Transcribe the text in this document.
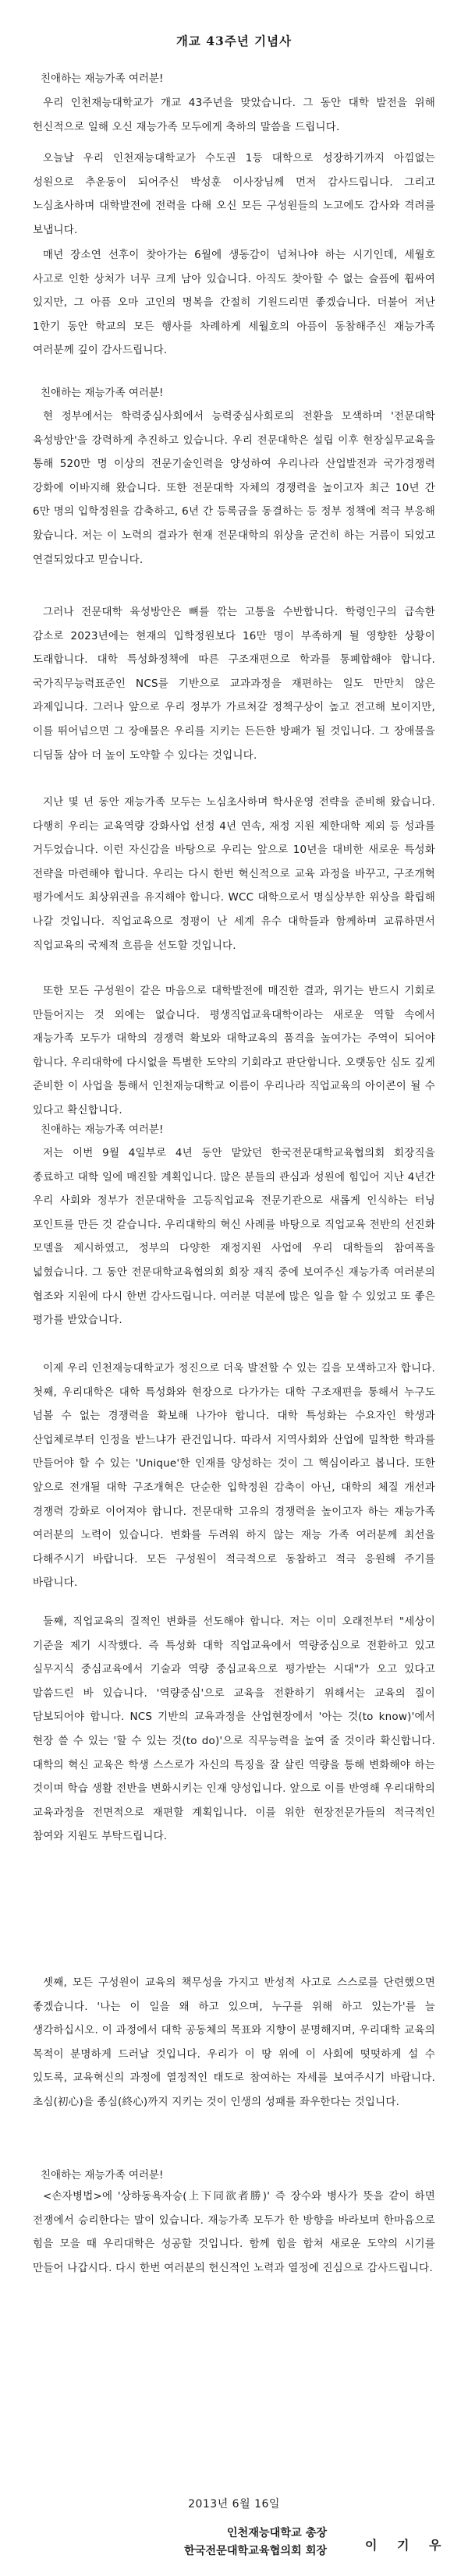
개교 43주년 기념사

친애하는 재능가족 여러분!

우리 인천재능대학교가 개교 43주년을 맞았습니다. 그 동안 대학 발전을 위해 헌신적으로 일해 오신 재능가족 모두에게 축하의 말씀을 드립니다.

오늘날 우리 인천재능대학교가 수도권 1등 대학으로 성장하기까지 아낌없는 성원으로 추운동이 되어주신 박성훈 이사장님께 먼저 감사드립니다. 그리고 노심초사하며 대학발전에 전력을 다해 오신 모든 구성원들의 노고에도 감사와 격려를 보냅니다.

매년 장소연 선후이 찾아가는 6월에 생동감이 넘쳐나야 하는 시기인데, 세월호 사고로 인한 상처가 너무 크게 남아 있습니다. 아직도 찾아할 수 없는 슬픔에 휩싸여 있지만, 그 아픔 오마 고인의 명복을 간절히 기원드리면 좋겠습니다. 더불어 저난 1한기 동안 학교의 모든 행사를 차례하게 세월호의 아픔이 동참해주신 재능가족 여러분께 깊이 감사드립니다.

친애하는 재능가족 여러분!

현 정부에서는 학력중심사회에서 능력중심사회로의 전환을 모색하며 '전문대학 육성방안'을 강력하게 추진하고 있습니다. 우리 전문대학은 설립 이후 현장실무교육을 통해 520만 명 이상의 전문기술인력을 양성하여 우리나라 산업발전과 국가경쟁력 강화에 이바지해 왔습니다. 또한 전문대학 자체의 경쟁력을 높이고자 최근 10년 간 6만 명의 입학정원을 감축하고, 6년 간 등록금을 동결하는 등 정부 정책에 적극 부응해 왔습니다. 저는 이 노력의 결과가 현재 전문대학의 위상을 굳건히 하는 거름이 되었고 연결되었다고 믿습니다.

그러나 전문대학 육성방안은 뼈를 깎는 고통을 수반합니다. 학령인구의 급속한 감소로 2023년에는 현재의 입학정원보다 16만 명이 부족하게 될 영향한 상황이 도래합니다. 대학 특성화정책에 따른 구조재편으로 학과를 통폐합해야 합니다. 국가직무능력표준인 NCS를 기반으로 교과과정을 재편하는 일도 만만치 않은 과제입니다. 그러나 앞으로 우리 정부가 가르쳐갈 정책구상이 높고 전고해 보이지만, 이를 뛰어넘으면 그 장애물은 우리를 지키는 든든한 방패가 될 것입니다. 그 장애물을 디딤돌 삼아 더 높이 도약할 수 있다는 것입니다.

지난 몇 년 동안 재능가족 모두는 노심초사하며 학사운영 전략을 준비해 왔습니다. 다행히 우리는 교육역량 강화사업 선정 4년 연속, 재정 지원 제한대학 제외 등 성과를 거두었습니다. 이런 자신감을 바탕으로 우리는 앞으로 10년을 대비한 새로운 특성화 전략을 마련해야 합니다. 우리는 다시 한번 혁신적으로 교육 과정을 바꾸고, 구조개혁 평가에서도 최상위권을 유지해야 합니다. WCC 대학으로서 명실상부한 위상을 확립해 나갈 것입니다. 직업교육으로 정평이 난 세계 유수 대학들과 함께하며 교류하면서 직업교육의 국제적 흐름을 선도할 것입니다.

또한 모든 구성원이 같은 마음으로 대학발전에 매진한 결과, 위기는 반드시 기회로 만들어지는 것 외에는 없습니다. 평생직업교육대학이라는 새로운 역할 속에서 재능가족 모두가 대학의 경쟁력 확보와 대학교육의 품격을 높여가는 주역이 되어야 합니다. 우리대학에 다시없을 특별한 도약의 기회라고 판단합니다. 오랫동안 심도 깊게 준비한 이 사업을 통해서 인천재능대학교 이름이 우리나라 직업교육의 아이콘이 될 수 있다고 확신합니다.

친애하는 재능가족 여러분!

저는 이번 9월 4일부로 4년 동안 맡았던 한국전문대학교육협의회 회장직을 종료하고 대학 일에 매진할 계획입니다. 많은 분들의 관심과 성원에 힘입어 지난 4년간 우리 사회와 정부가 전문대학을 고등직업교육 전문기관으로 새롭게 인식하는 터닝 포인트를 만든 것 같습니다. 우리대학의 혁신 사례를 바탕으로 직업교육 전반의 선진화 모델을 제시하였고, 정부의 다양한 재정지원 사업에 우리 대학들의 참여폭을 넓혔습니다. 그 동안 전문대학교육협의회 회장 재직 중에 보여주신 재능가족 여러분의 협조와 지원에 다시 한번 감사드립니다. 여러분 덕분에 많은 일을 할 수 있었고 또 좋은 평가를 받았습니다.

이제 우리 인천재능대학교가 정진으로 더욱 발전할 수 있는 길을 모색하고자 합니다. 첫째, 우리대학은 대학 특성화와 현장으로 다가가는 대학 구조재편을 통해서 누구도 넘볼 수 없는 경쟁력을 확보해 나가야 합니다. 대학 특성화는 수요자인 학생과 산업체로부터 인정을 받느냐가 관건입니다. 따라서 지역사회와 산업에 밀착한 학과를 만들어야 할 수 있는 'Unique'한 인재를 양성하는 것이 그 핵심이라고 봅니다. 또한 앞으로 전개될 대학 구조개혁은 단순한 입학정원 감축이 아닌, 대학의 체질 개선과 경쟁력 강화로 이어져야 합니다. 전문대학 고유의 경쟁력을 높이고자 하는 재능가족 여러분의 노력이 있습니다. 변화를 두려워 하지 않는 재능 가족 여러분께 최선을 다해주시기 바랍니다. 모든 구성원이 적극적으로 동참하고 적극 응원해 주기를 바랍니다.

둘째, 직업교육의 질적인 변화를 선도해야 합니다. 저는 이미 오래전부터 "세상이 기준을 제기 시작했다. 즉 특성화 대학 직업교육에서 역량중심으로 전환하고 있고 실무지식 중심교육에서 기술과 역량 중심교육으로 평가받는 시대"가 오고 있다고 말씀드린 바 있습니다. '역량중심'으로 교육을 전환하기 위해서는 교육의 질이 담보되어야 합니다. NCS 기반의 교육과정을 산업현장에서 '아는 것(to know)'에서 현장 쓸 수 있는 '할 수 있는 것(to do)'으로 직무능력을 높여 줄 것이라 확신합니다. 대학의 혁신 교육은 학생 스스로가 자신의 특징을 잘 살린 역량을 통해 변화해야 하는 것이며 학습 생활 전반을 변화시키는 인재 양성입니다. 앞으로 이를 반영해 우리대학의 교육과정을 전면적으로 재편할 계획입니다. 이를 위한 현장전문가들의 적극적인 참여와 지원도 부탁드립니다.

셋째, 모든 구성원이 교육의 책무성을 가지고 반성적 사고로 스스로를 단련했으면 좋겠습니다. '나는 이 일을 왜 하고 있으며, 누구를 위해 하고 있는가'를 늘 생각하십시오. 이 과정에서 대학 공동체의 목표와 지향이 분명해지며, 우리대학 교육의 목적이 분명하게 드러날 것입니다. 우리가 이 땅 위에 이 사회에 떳떳하게 설 수 있도록, 교육혁신의 과정에 열정적인 태도로 참여하는 자세를 보여주시기 바랍니다. 초심(初心)을 종심(終心)까지 지키는 것이 인생의 성패를 좌우한다는 것입니다.

친애하는 재능가족 여러분!

<손자병법>에 '상하동욕자승(上下同欲者勝)' 즉 장수와 병사가 뜻을 같이 하면 전쟁에서 승리한다는 말이 있습니다. 재능가족 모두가 한 방향을 바라보며 한마음으로 힘을 모을 때 우리대학은 성공할 것입니다. 함께 힘을 합쳐 새로운 도약의 시기를 만들어 나갑시다. 다시 한번 여러분의 헌신적인 노력과 열정에 진심으로 감사드립니다.

2013년 6월 16일
인천재능대학교 총장
한국전문대학교육협의회 회장	이 기 우
